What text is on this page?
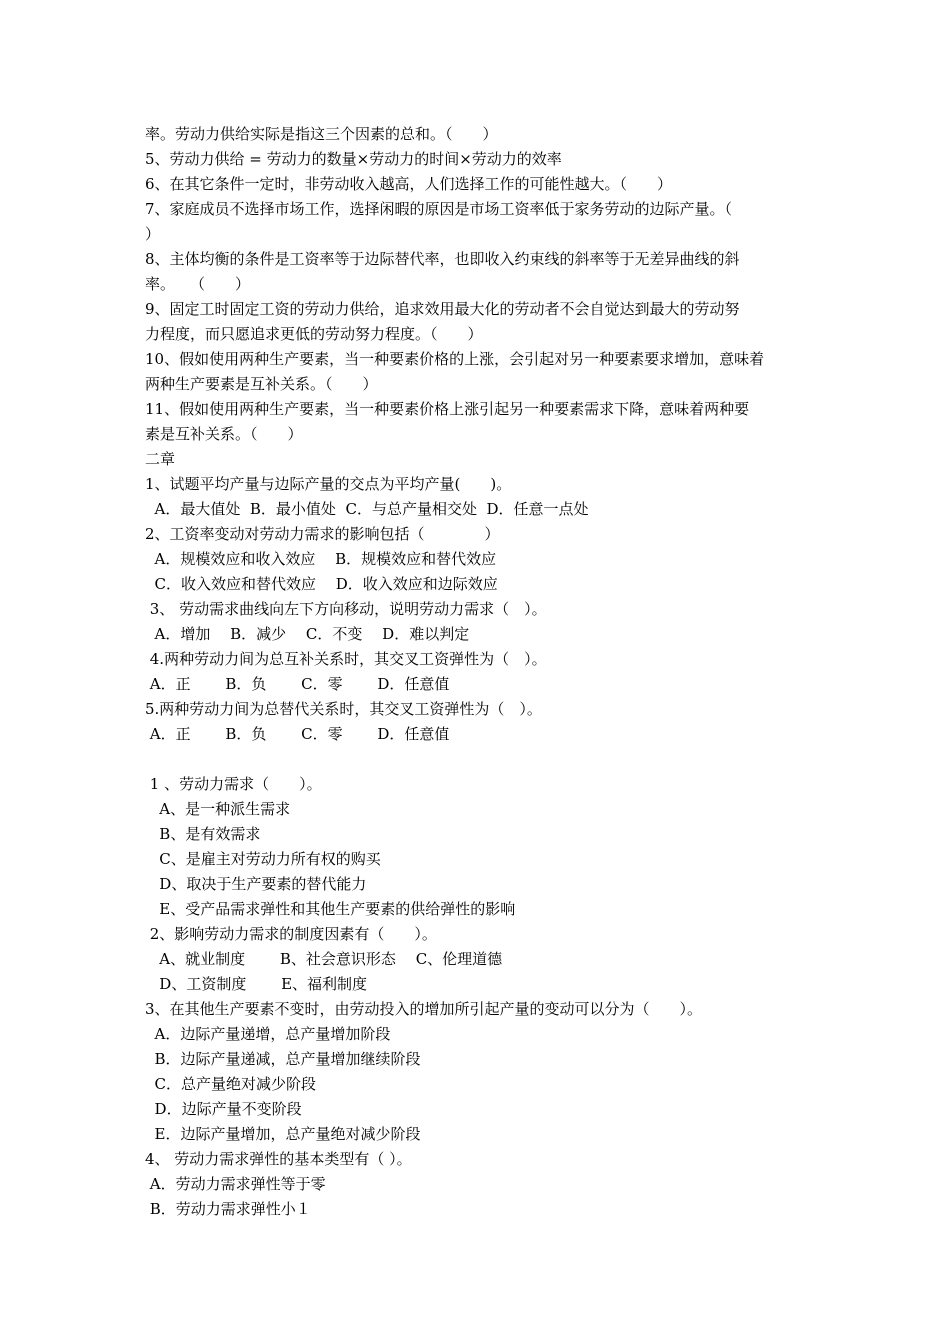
率。劳动力供给实际是指这三个因素的总和。（　　）
5、劳动力供给 = 劳动力的数量×劳动力的时间×劳动力的效率
6、在其它条件一定时，非劳动收入越高，人们选择工作的可能性越大。（　　）
7、家庭成员不选择市场工作，选择闲暇的原因是市场工资率低于家务劳动的边际产量。（
）
8、主体均衡的条件是工资率等于边际替代率，也即收入约束线的斜率等于无差异曲线的斜
率。　　（　　）
9、固定工时固定工资的劳动力供给，追求效用最大化的劳动者不会自觉达到最大的劳动努
力程度，而只愿追求更低的劳动努力程度。（　　）
10、假如使用两种生产要素，当一种要素价格的上涨，会引起对另一种要素要求增加，意味着
两种生产要素是互补关系。（　　）
11、假如使用两种生产要素，当一种要素价格上涨引起另一种要素需求下降，意味着两种要
素是互补关系。（　　）
二章
1、试题平均产量与边际产量的交点为平均产量(　　)。
A．最大值处  B．最小值处  C．与总产量相交处  D．任意一点处
2、工资率变动对劳动力需求的影响包括（　　　　）
A．规模效应和收入效应　 B．规模效应和替代效应
C．收入效应和替代效应　 D．收入效应和边际效应
3、 劳动需求曲线向左下方向移动，说明劳动力需求（　）。
A．增加　 B．减少　 C．不变　 D．难以判定
4.两种劳动力间为总互补关系时，其交叉工资弹性为（　）。
A．正　　 B．负　　 C．零　　 D．任意值
5.两种劳动力间为总替代关系时，其交叉工资弹性为（　）。
A．正　　 B．负　　 C．零　　 D．任意值
1 、劳动力需求（　　）。
A、是一种派生需求
B、是有效需求
C、是雇主对劳动力所有权的购买
D、取决于生产要素的替代能力
E、受产品需求弹性和其他生产要素的供给弹性的影响
2、影响劳动力需求的制度因素有（　　）。
A、就业制度　　 B、社会意识形态　 C、伦理道德
D、工资制度　　 E、福利制度
3、在其他生产要素不变时，由劳动投入的增加所引起产量的变动可以分为（　　）。
A．边际产量递增，总产量增加阶段
B．边际产量递减，总产量增加继续阶段
C．总产量绝对减少阶段
D．边际产量不变阶段
E．边际产量增加，总产量绝对减少阶段
4、 劳动力需求弹性的基本类型有（ ）。
A．劳动力需求弹性等于零
B．劳动力需求弹性小１
